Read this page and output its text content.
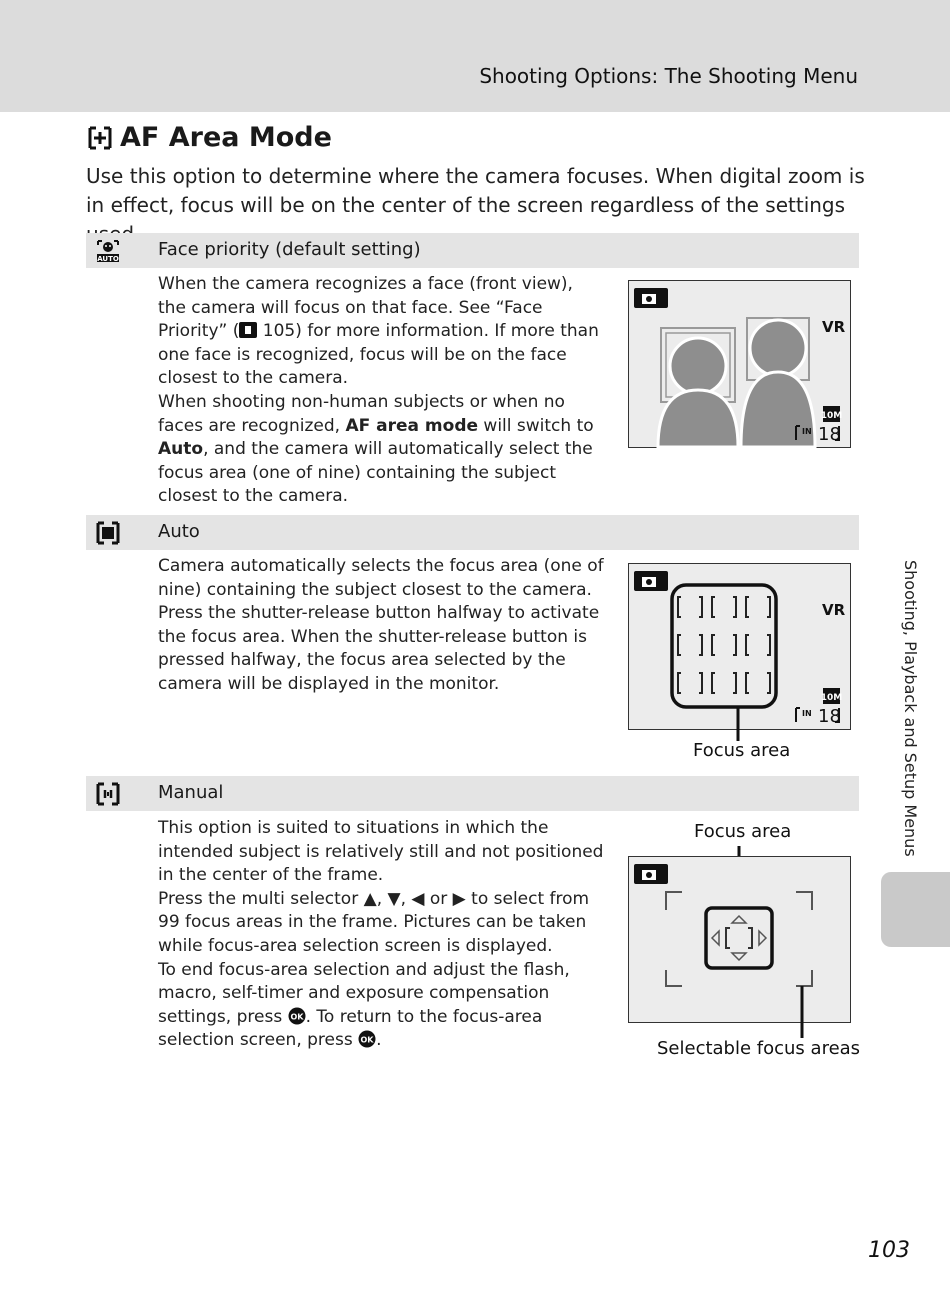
Shooting Options: The Shooting Menu
AF Area Mode
Use this option to determine where the camera focuses. When digital zoom is in effect, focus will be on the center of the screen regardless of the settings
AUTO Face priority (default setting)

When the camera recognizes a face (front view), the camera will focus on that face. See “Face Priority” ( 105) for more information. If more than one face is recognized, focus will be on the face closest to the camera.

When shooting non-human subjects or when no faces are recognized, AF area mode will switch to Auto, and the camera will automatically select the focus area (one of nine) containing the subject closest to the camera.

VR
10M
IN 18
Auto
Camera automatically selects the focus area (one of nine) containing the subject closest to the camera. Press the shutter-release button halfway to activate the focus area. When the shutter-release button is pressed halfway, the focus area selected by the camera will be displayed in the monitor.
VR
10M
IN 18
Focus area
Manual

This option is suited to situations in which the intended subject is relatively still and not positioned in the center of the frame.

Press the multi selector ▲, ▼, ◀ or ▶ to select from 99 focus areas in the frame. Pictures can be taken while focus-area selection screen is displayed.

To end focus-area selection and adjust the flash, macro, self-timer and exposure compensation settings, press OK . To return to the focus-area selection screen, press OK .

Focus area
Selectable focus areas
Shooting, Playback and Setup Menus
103
